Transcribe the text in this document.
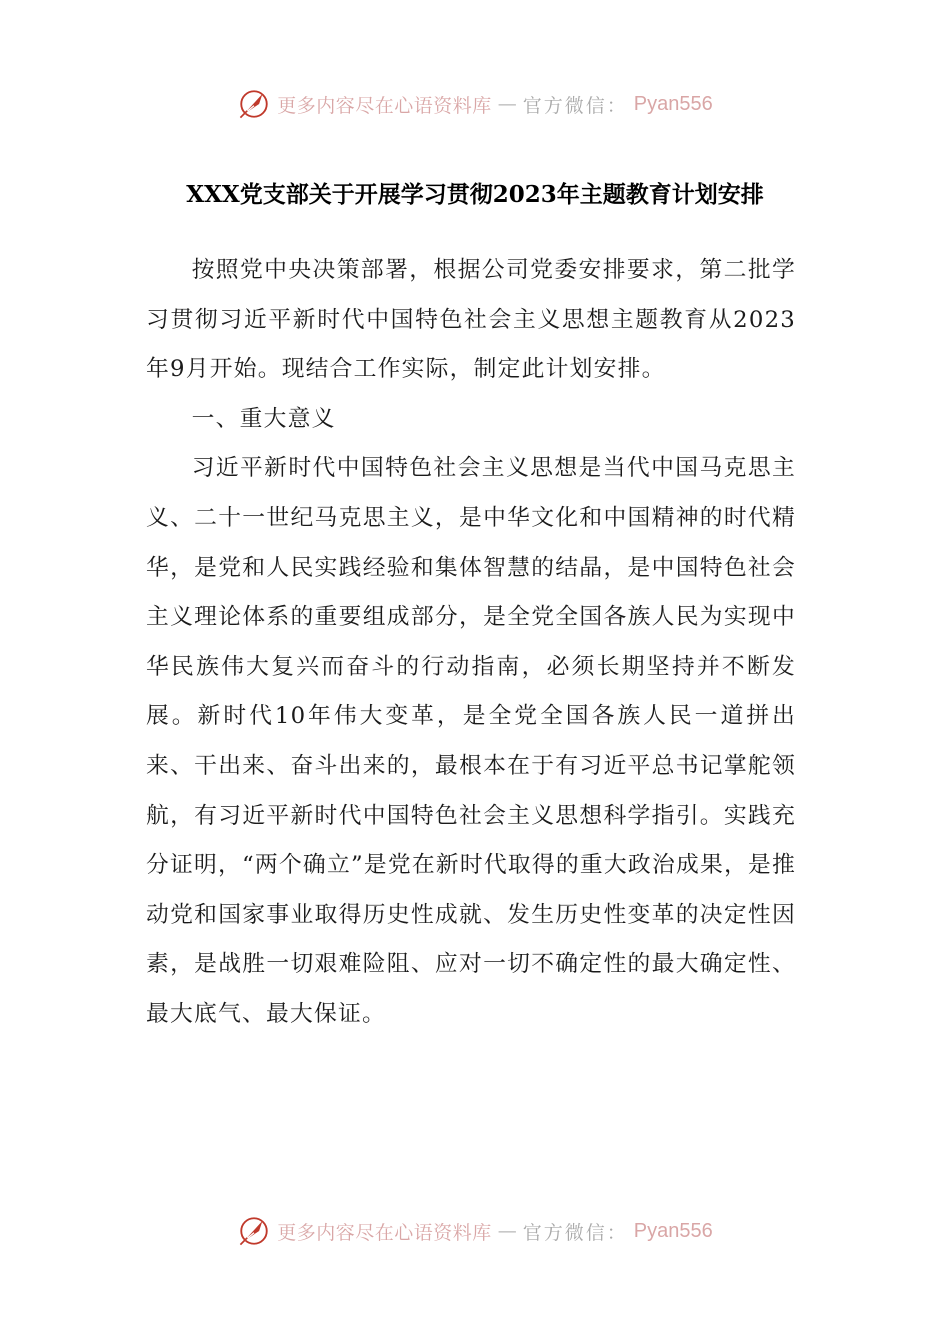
更多内容尽在心语资料库 — 官方微信： Pyan556
XXX党支部关于开展学习贯彻2023年主题教育计划安排

按照党中央决策部署，根据公司党委安排要求，第二批学习贯彻习近平新时代中国特色社会主义思想主题教育从2023年9月开始。现结合工作实际，制定此计划安排。

一、重大意义

习近平新时代中国特色社会主义思想是当代中国马克思主义、二十一世纪马克思主义，是中华文化和中国精神的时代精华，是党和人民实践经验和集体智慧的结晶，是中国特色社会主义理论体系的重要组成部分，是全党全国各族人民为实现中华民族伟大复兴而奋斗的行动指南，必须长期坚持并不断发展。新时代10年伟大变革，是全党全国各族人民一道拼出来、干出来、奋斗出来的，最根本在于有习近平总书记掌舵领航，有习近平新时代中国特色社会主义思想科学指引。实践充分证明，“两个确立”是党在新时代取得的重大政治成果，是推动党和国家事业取得历史性成就、发生历史性变革的决定性因素，是战胜一切艰难险阻、应对一切不确定性的最大确定性、最大底气、最大保证。

更多内容尽在心语资料库 — 官方微信： Pyan556
